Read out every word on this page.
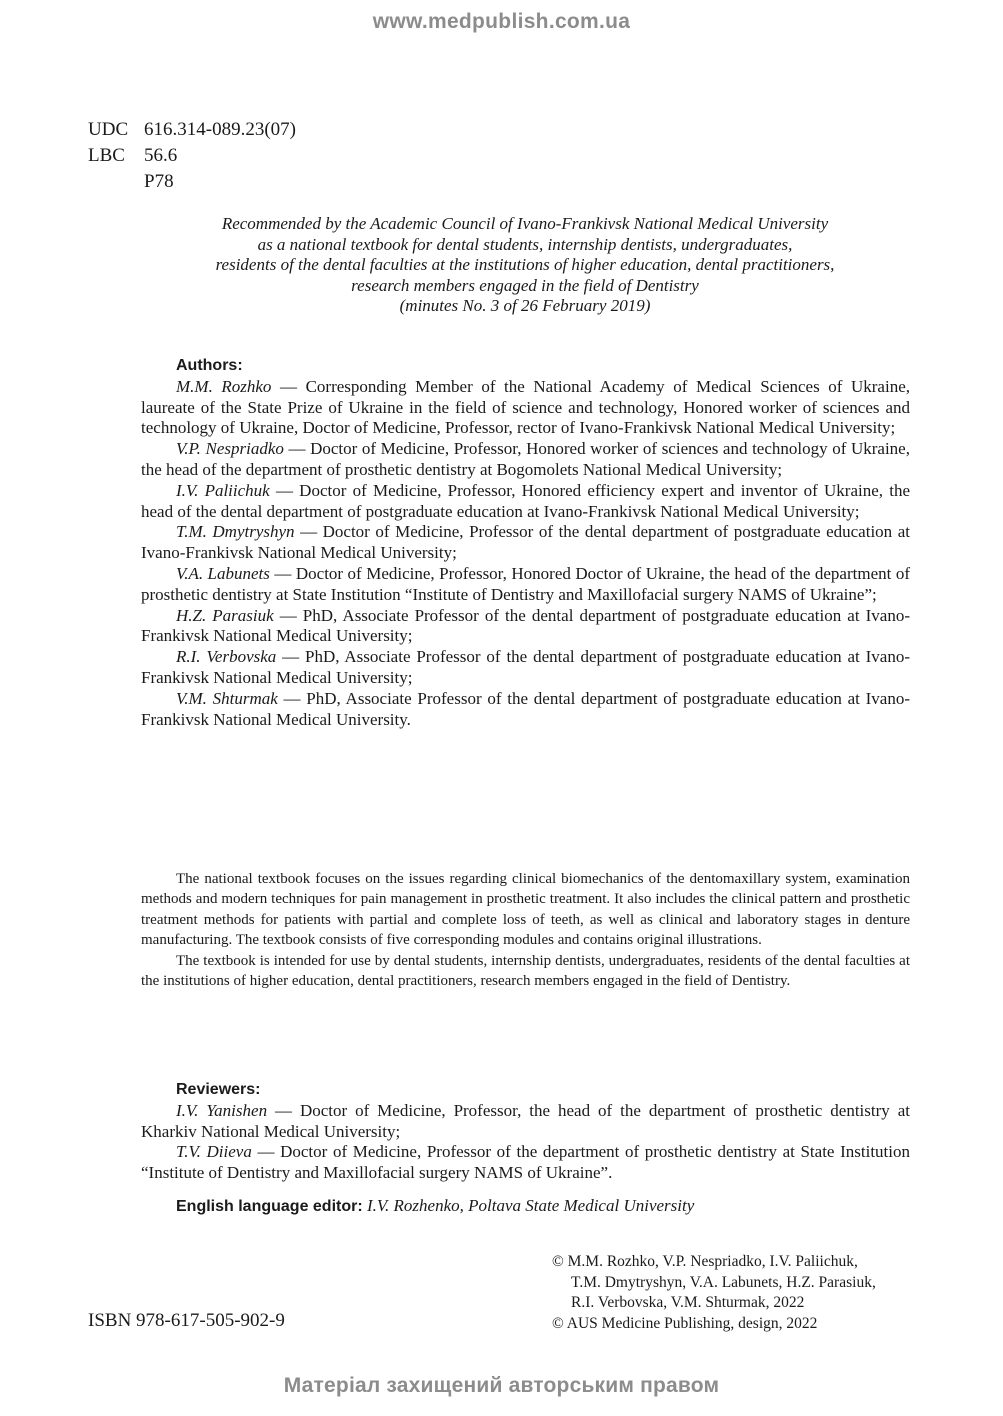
www.medpublish.com.ua
UDC 616.314-089.23(07)
LBC	56.6
P78
Recommended by the Academic Council of Ivano-Frankivsk National Medical University
as a national textbook for dental students, internship dentists, undergraduates,
residents of the dental faculties at the institutions of higher education, dental practitioners,
research members engaged in the field of Dentistry
(minutes No. 3 of 26 February 2019)
Authors:
M.M. Rozhko — Corresponding Member of the National Academy of Medical Sciences of Ukraine, laureate of the State Prize of Ukraine in the field of science and technology, Honored worker of sciences and technology of Ukraine, Doctor of Medicine, Professor, rector of Ivano-Frankivsk National Medical University;
V.P. Nespriadko — Doctor of Medicine, Professor, Honored worker of sciences and technology of Ukraine, the head of the department of prosthetic dentistry at Bogomolets National Medical University;
I.V. Paliichuk — Doctor of Medicine, Professor, Honored efficiency expert and inventor of Ukraine, the head of the dental department of postgraduate education at Ivano-Frankivsk National Medical University;
T.M. Dmytryshyn — Doctor of Medicine, Professor of the dental department of postgraduate education at Ivano-Frankivsk National Medical University;
V.A. Labunets — Doctor of Medicine, Professor, Honored Doctor of Ukraine, the head of the department of prosthetic dentistry at State Institution “Institute of Dentistry and Maxillofacial surgery NAMS of Ukraine”;
H.Z. Parasiuk — PhD, Associate Professor of the dental department of postgraduate education at Ivano-Frankivsk National Medical University;
R.I. Verbovska — PhD, Associate Professor of the dental department of postgraduate education at Ivano-Frankivsk National Medical University;
V.M. Shturmak — PhD, Associate Professor of the dental department of postgraduate education at Ivano-Frankivsk National Medical University.

The national textbook focuses on the issues regarding clinical biomechanics of the dentomaxillary system, examination methods and modern techniques for pain management in prosthetic treatment. It also includes the clinical pattern and prosthetic treatment methods for patients with partial and complete loss of teeth, as well as clinical and laboratory stages in denture manufacturing. The textbook consists of five corresponding modules and contains original illustrations.

The textbook is intended for use by dental students, internship dentists, undergraduates, residents of the dental faculties at the institutions of higher education, dental practitioners, research members engaged in the field of Dentistry.

Reviewers:
I.V. Yanishen — Doctor of Medicine, Professor, the head of the department of prosthetic dentistry at Kharkiv National Medical University;
T.V. Diieva — Doctor of Medicine, Professor of the department of prosthetic dentistry at State Institution “Institute of Dentistry and Maxillofacial surgery NAMS of Ukraine”.
English language editor: I.V. Rozhenko, Poltava State Medical University
© M.M. Rozhko, V.P. Nespriadko, I.V. Paliichuk,
T.M. Dmytryshyn, V.A. Labunets, H.Z. Parasiuk,
R.I. Verbovska, V.M. Shturmak, 2022
© AUS Medicine Publishing, design, 2022
ISBN 978-617-505-902-9
Матеріал захищений авторським правом
